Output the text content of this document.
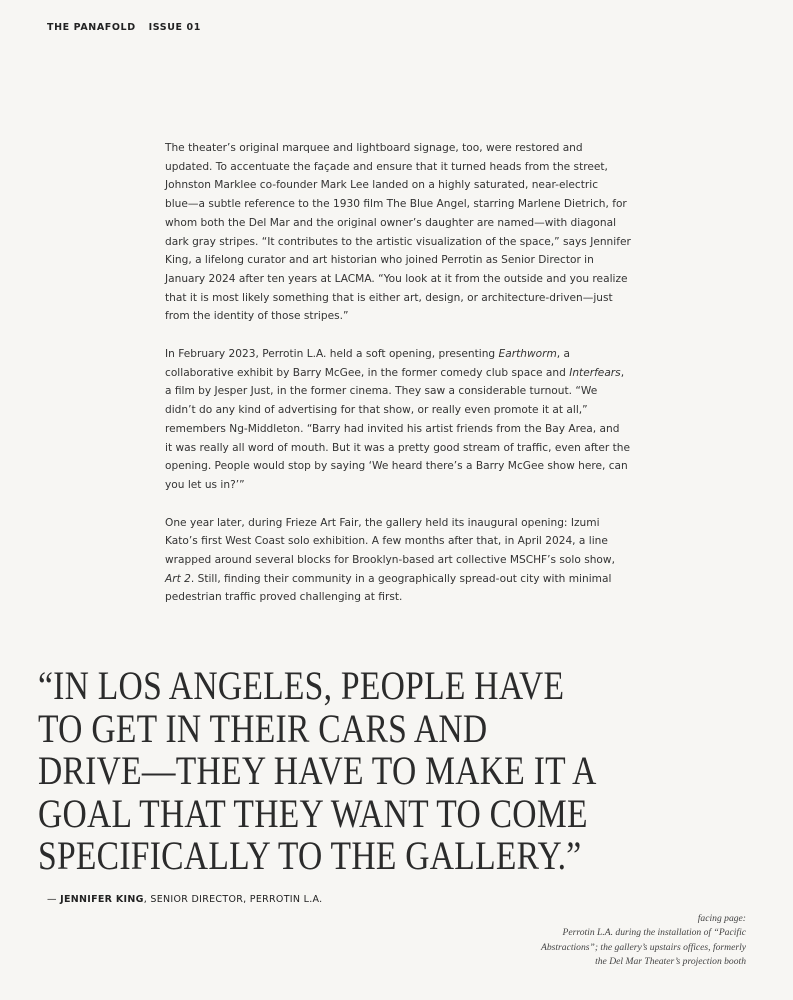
THE PANAFOLD ISSUE 01

The theater’s original marquee and lightboard signage, too, were restored and
updated. To accentuate the façade and ensure that it turned heads from the street,
Johnston Marklee co-founder Mark Lee landed on a highly saturated, near-electric
blue—a subtle reference to the 1930 film The Blue Angel, starring Marlene Dietrich, for
whom both the Del Mar and the original owner’s daughter are named—with diagonal
dark gray stripes. “It contributes to the artistic visualization of the space,” says Jennifer
King, a lifelong curator and art historian who joined Perrotin as Senior Director in
January 2024 after ten years at LACMA. “You look at it from the outside and you realize
that it is most likely something that is either art, design, or architecture-driven—just
from the identity of those stripes.”

In February 2023, Perrotin L.A. held a soft opening, presenting Earthworm, a
collaborative exhibit by Barry McGee, in the former comedy club space and Interfears,
a film by Jesper Just, in the former cinema. They saw a considerable turnout. “We
didn’t do any kind of advertising for that show, or really even promote it at all,”
remembers Ng-Middleton. “Barry had invited his artist friends from the Bay Area, and
it was really all word of mouth. But it was a pretty good stream of traffic, even after the
opening. People would stop by saying ‘We heard there’s a Barry McGee show here, can
you let us in?’”

One year later, during Frieze Art Fair, the gallery held its inaugural opening: Izumi
Kato’s first West Coast solo exhibition. A few months after that, in April 2024, a line
wrapped around several blocks for Brooklyn-based art collective MSCHF’s solo show,
Art 2. Still, finding their community in a geographically spread-out city with minimal
pedestrian traffic proved challenging at first.

“IN LOS ANGELES, PEOPLE HAVE
TO GET IN THEIR CARS AND
DRIVE—THEY HAVE TO MAKE IT A
GOAL THAT THEY WANT TO COME
SPECIFICALLY TO THE GALLERY.”
— JENNIFER KING, SENIOR DIRECTOR, PERROTIN L.A.
facing page:
Perrotin L.A. during the installation of “Pacific
Abstractions”; the gallery’s upstairs offices, formerly
the Del Mar Theater’s projection booth
